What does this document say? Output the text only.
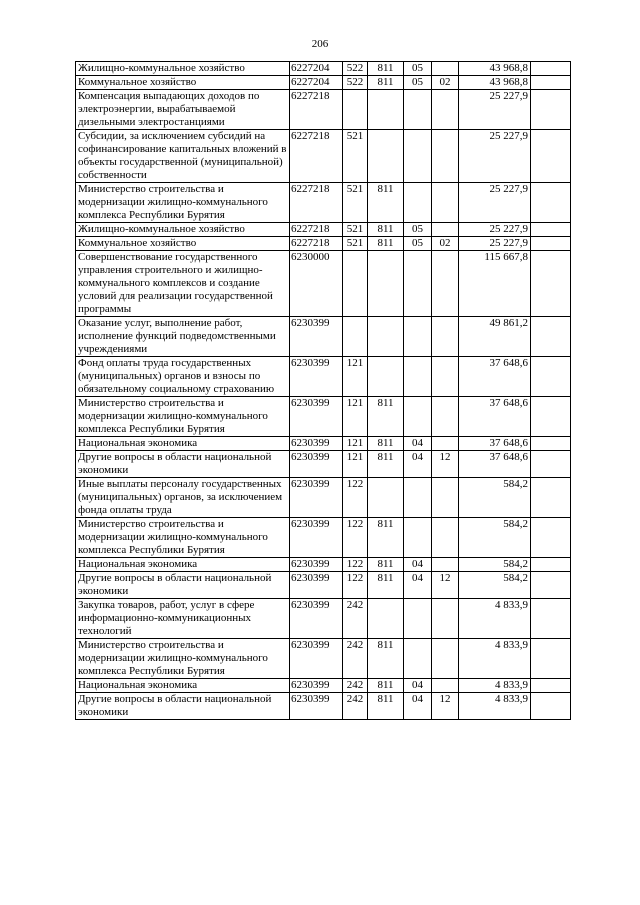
206
Жилищно-коммунальное хозяйство	6227204	522	811	05		43 968,8	
Коммунальное хозяйство	6227204	522	811	05	02	43 968,8	
Компенсация выпадающих доходов по электроэнергии, вырабатываемой дизельными электростанциями	6227218					25 227,9	
Субсидии, за исключением субсидий на софинансирование капитальных вложений в объекты государственной (муниципальной) собственности	6227218	521				25 227,9	
Министерство строительства и модернизации жилищно-коммунального комплекса Республики Бурятия	6227218	521	811			25 227,9	
Жилищно-коммунальное хозяйство	6227218	521	811	05		25 227,9	
Коммунальное хозяйство	6227218	521	811	05	02	25 227,9	
Совершенствование государственного управления строительного и жилищно-коммунального комплексов и создание условий для реализации государственной программы	6230000					115 667,8	
Оказание услуг, выполнение работ, исполнение функций подведомственными учреждениями	6230399					49 861,2	
Фонд оплаты труда государственных (муниципальных) органов и взносы по обязательному социальному страхованию	6230399	121				37 648,6	
Министерство строительства и модернизации жилищно-коммунального комплекса Республики Бурятия	6230399	121	811			37 648,6	
Национальная экономика	6230399	121	811	04		37 648,6	
Другие вопросы в области национальной экономики	6230399	121	811	04	12	37 648,6	
Иные выплаты персоналу государственных (муниципальных) органов, за исключением фонда оплаты труда	6230399	122				584,2	
Министерство строительства и модернизации жилищно-коммунального комплекса Республики Бурятия	6230399	122	811			584,2	
Национальная экономика	6230399	122	811	04		584,2	
Другие вопросы в области национальной экономики	6230399	122	811	04	12	584,2	
Закупка товаров, работ, услуг в сфере информационно-коммуникационных технологий	6230399	242				4 833,9	
Министерство строительства и модернизации жилищно-коммунального комплекса Республики Бурятия	6230399	242	811			4 833,9	
Национальная экономика	6230399	242	811	04		4 833,9	
Другие вопросы в области национальной экономики	6230399	242	811	04	12	4 833,9	
